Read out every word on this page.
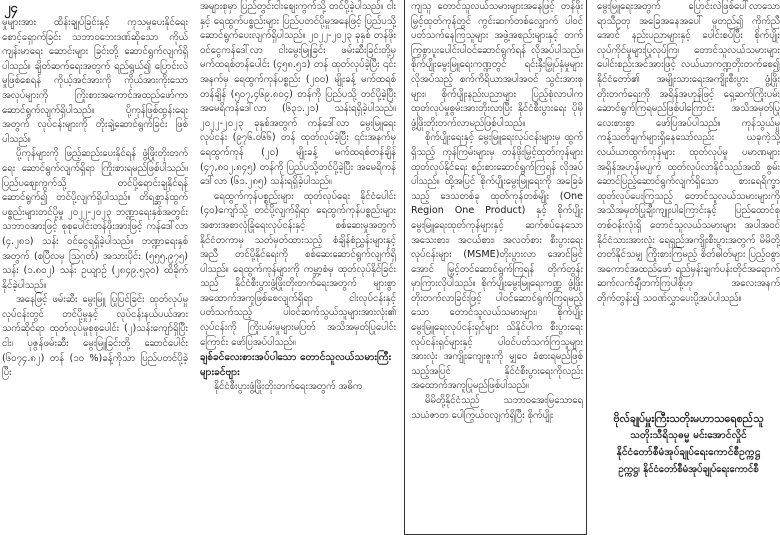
၂၄

မှုများအား ထိန်းချုပ်ခြင်းနှင့် ကုသမှုပေးနိုင်ရေး စောင့်ရှောက်ခြင်း သဘာဝဘေးဒဏ်ဆိုသော ကိုယ်ကျန်းမာရေး ဆောင်းများ ခြင်းတို့ ဆောင်ရွက်လျက်ရှိပါသည်။ ချိတ်ဆက်ရေးအတွက် ရည်ရွယ်၍ ပြောင်းလဲမှုဖြစ်စေရန် ကိုယ့်အင်အားကို ကိုယ်အားကိုးသော အလုပ်များကို ကြိုးစားအကောင်အထည်ဖော်ကာ ဆောင်ရွက်လျက်ရှိပါသည်။ ပို့ကုန်ဖြစ်ထွန်းရေး အတွက် လုပ်ငန်းများကို တိုးချဲ့ဆောင်ရွက်ခြင်း ဖြစ်ပါသည်။

ပို့ကုန်များကို ဖြည့်ဆည်းပေးနိုင်ရန် ဖွံ့ဖြိုးတိုးတက်ရေး ဆောင်ရွက်လျက်ရှိရာ ကြိုးစားရမည်ဖြစ်ပါသည်။ ပြည်ပဈေးကွက်သို့ တင်ပို့ရောင်းချနိုင်ရန် ဆောင်ရွက်၍ တင်ပို့လျက်ရှိပါသည်။ တိရစ္ဆာန်ထွက်ပစ္စည်းများတင်ပို့မှု ၂၀၂၂-၂၀၂၃ ဘဏ္ဍာရေးနှစ်အတွင်း သဘာဝအားဖြင့် စုစုပေါင်းတန်ဖိုးအားဖြင့် ကန်ဒေါ်လာ (၄.၂၈၁) သန်း ဝင်ငွေရရှိခဲ့ပါသည်။ ဘဏ္ဍာရေးနှစ်အတွက် (စပြီလမှ ဩဂုတ်) အသားပိုင်း (၅၅၅.၉၇၅) သန်း (၁.၈၀၂) သန်း ဥယျာဉ် (၂၈၄၉.၅၃၀) ထိခိုက်နိုင်ခဲ့ပါသည်။

အနေဖြင့် ဖမ်းဆီး မွေးမြူ ပြုပြင်ခြင်း ထုတ်လုပ်မှုလုပ်ငန်းတွင် တင်ပို့မှုနှင့် လုပ်ငန်းနယ်ပယ်အား သက်ဆိုင်ရာ ထုတ်လုပ်မှုစုစုပေါင်း (၂)သန်းကျော်ရှိပြီး ငါး၊ ပုဇွန်ဖမ်းဆီး မွေးမြူခြင်းတို့ ဆောင်ပေါင်း (၆၀၇၄.၈၂) တန် (၁၀ %)ခန့်ကိုသာ ပြည်ပတင်ပို့ခဲ့ပြီး

အများစုမှာ ပြည်တွင်းငါးစျေးကွက်သို့ တင်ပို့ခဲ့ပါသည်။ ငါးနှင့် ရေထွက်ပစ္စည်းများ ပြည်ပတင်ပို့မှုအနေဖြင့် ပြည်ပသို့ ဆောင်ရွက်ပေးလျက်ရှိပါသည်။ ၂၀၂၂-၂၀၂၃ ခုနှစ် တန်ဖိုးဝင်ငွေကန်ဒေါ်လာ ငါးမွေးမြူခြင်း ဖမ်းဆီးခြင်းတို့မှ မက်ထရစ်တန်ပေါင်း (၄၅၈.၅၁) တန် ထုတ်လုပ်ခဲ့ပြီး ၎င်းအနက်မှ ရေထွက်ကုန်ပစ္စည်း (၂၀၀) မျိုးခန့် မက်ထရစ်တန်ချိန် (၅၀၇,၄၆၉.၈၀၄) တန်ကို ပြည်ပသို့ တင်ပို့ခဲ့ပြီး အမေရိကန်ဒေါ်လာ (၆၃၁.၂၁) သန်းရရှိခဲ့ပါသည်။ ၂၀၂၂-၂၀၂၃ ခုနှစ်အတွက် ကန်ဒေါ်လာ မွေးမြူရေးလုပ်ငန်း (၉၇၆.၀၆၆) တန် ထုတ်လုပ်ခဲ့ပြီး ၎င်းအနက်မှ ရေထွက်ကုန် (၂၀) မျိုးခန့် မက်ထရစ်တန်ချိန် (၄၇,၈၀၂.၈၄၅) တန်ကို ပြည်ပသို့တင်ပို့ခဲ့ပြီး အမေရိကန်ဒေါ်လာ (၆၁.၂၈၅) သန်းရရှိခဲ့ပါသည်။

ရေထွက်ကုန်ပစ္စည်းများ ထုတ်လုပ်ရေး နိုင်ငံပေါင်း (၄၀)ကျော်သို့ တင်ပို့လျက်ရှိရာ ရေထွက်ကုန်ပစ္စည်းများ အစားအစာလုံခြုံရေးလုပ်ငန်းနှင့် စစ်ဆေးမှုအတွက် နိုင်ငံတကာမှ သတ်မှတ်ထားသည့် စံချိန်စံညွှန်းများနှင့်အညီ တင်ပို့နိုင်ရေးကို စစ်ဆေးဆောင်ရွက်လျက်ရှိပါသည်။ ရေထွက်ကုန်များကို ကမ္ဘာ့စံမှ ထုတ်လုပ်နိုင်ခြင်းသည် နိုင်ငံစီးပွားဖွံ့ဖြိုးတိုးတက်ရေးအတွက် များစွာအထောက်အကူဖြစ်စေလျက်ရှိရာ ငါးလုပ်ငန်းနှင့်ပတ်သက်သည့် ပါဝင်ဆက်သွယ်သူများအားလုံး၏ လုပ်ငန်းကို ကြိုးပမ်းမှုများမပြတ် အသိအမှတ်ပြုပေါင်းကြောင်း ဖော်ပြအပ်ပါသည်။

ချစ်ခင်လေးစားအပ်ပါသော တောင်သူလယ်သမားကြီးများခင်ဗျား

နိုင်ငံစီးပွားဖွံ့ဖြိုးတိုးတက်ရေးအတွက် အဓိက

ကျသူ တောင်သူလယ်သမားများအနေဖြင့် တန်ဖိုးမြှင့်ထုတ်ကုန်တွင် ကွင်းဆက်တစ်လျှောက် ပါဝင်ပတ်သက်နေကြသူများ အဖွဲ့အစည်းများနှင့် တက်ကြွစွာပူးပေါင်းပါဝင်ဆောင်ရွက်ရန် လိုအပ်ပါသည်။ စိုက်ပျိုးမွေးမြူရေးကဏ္ဍတွင် ရင်းနှီးမြှုပ်နှံမှုများ လိုအပ်သည့် စက်ကိရိယာအပါအဝင် သွင်းအားစုများ၊ စိုက်ပျိုးနည်းပညာများ ပြည့်စုံလာပါက ထုတ်လုပ်မှုစွမ်းအားတိုးလာပြီး နိုင်ငံစီးပွားရေး ပိုမိုဖွံ့ဖြိုးတိုးတက်လာမည်ဖြစ်ပါသည်။

စိုက်ပျိုးရေးနှင့် မွေးမြူရေးလုပ်ငန်းများမှ ထွက်ရှိသည့် ကုန်ကြမ်းများမှ တန်ဖိုးမြှင့်ထုတ်ကုန်များ ထုတ်လုပ်နိုင်ရေး စဉ်းစားဆောင်ရွက်ကြရန် လိုအပ်ပါသည်။ ထို့အပြင် စိုက်ပျိုးမွေးမြူရေးကို အခြေခံသည့် ဒေသတစ်ခု ထုတ်ကုန်တစ်မျိုး (One Region One Product) နှင့် စိုက်ပျိုးမွေးမြူရေးထုတ်ကုန်များနှင့် ဆက်စပ်နေသော အသေးစား၊ အငယ်စား၊ အလတ်စား စီးပွားရေးလုပ်ငန်းများ (MSME)တိုးပွားလာ အောင်မြင်အောင် မြှင့်တင်ဆောင်ရွက်ကြရန် တိုက်တွန်းမှာကြားလိုပါသည်။ စိုက်ပျိုးမွေးမြူရေးကဏ္ဍ ဖွံ့ဖြိုးတိုးတက်လာခြင်းဖြင့် ပါဝင်ဆောင်ရွက်ကြရမည့်သော တောင်သူလယ်သမားများ၊ စိုက်ပျိုးမွေးမြူရေးလုပ်ငန်းရှင်များ သိနိုင်ပါက စီးပွားရေးလုပ်ငန်းရှင်များနှင့် ပါဝင်ပတ်သက်ကြသူများအားလုံး အကျိုးကျေးဇူးကို မျှဝေ ခံစားရမည်ဖြစ်သည့်အပြင် နိုင်ငံစီးပွားရေးကိုလည်း အထောက်အကူပြုမည်ဖြစ်ပါသည်။

မိမိတို့နိုင်ငံသည် သဘာဝအေးမြသောရေသယံဇာတ ပေါကြွယ်ဝလျက်ရှိပြီး စိုက်ပျိုး

မွေးမြူရေးအတွက် ပြောင်းလဲဖြစ်ပေါ်လာသော ရာသီဥတု အခြေအနေအပေါ် မူတည်၍ ကိုက်ညီအောင် နည်းပညာများနှင့် ပေါင်းစပ်ပြီး စိုက်ပျိုးလုပ်ကိုင်မှုများပြုလုပ်ကြ၊ တောင်သူလယ်သမားများပေါင်းစည်းအင်အားဖြင့် လယ်ယာကဏ္ဍတိုးတက်စေ၍ နိုင်ငံတော်၏ အမျိုးသားရေးအကျိုးစီးပွား ဖွံ့ဖြိုးတိုးတက်ရေးကို အရိန်အဟုန်ဖြင့် ရှေ့ဆက်ကြိုးပမ်းဆောင်ရွက်ကြရမည်ဖြစ်ပါကြောင်း အသိအမှတ်ပြုလေးစားစွာ ဖော်ပြအပ်ပါသည်။ ကုန်သွယ်မှု ကန့်သတ်ချက်များရှိနေသော်လည်း ယခုကဲ့သို့ လယ်ယာထွက်ကုန်များ ထုတ်လုပ်မှု ပမာဏများ အရှိန်အဟုန်မပျက် ထုတ်လုပ်လာနိုင်သည်အထိ စွမ်းဆောင်ပြည့်ဆောင်ရွက်လျက်ရှိသော စားရေရိက္ခာထုတ်လုပ်ပေးကြသည့် တောင်သူလယ်သမားများကို အသိအမှတ်ပြုချီးကျူးပါကြောင်းနှင့် ပြည်ထောင်စုတစ်ဝန်းလုံးရှိ တောင်သူလယ်သမားများ အပါအဝင် နိုင်ငံသားအားလုံး ရေရှည်အကျိုးစီးပွားအတွက် မိမိတို့တတ်နိုင်သမျှ ကြိုးစားကြမည့် စိတ်ဓါတ်များ ပြည့်ဝစွာ အကောင်အထည်ဖော် ရည်မှန်းချက်ပန်းတိုင်အရောက် ဆက်လက်ချီတက်ကြပါစို့ဟု အလေးအနက် တိုက်တွန်း၍ သဝဏ်လွှာပေးပို့အပ်ပါသည်။

ဗိုလ်ချုပ်မှူးကြီးသတိုးမဟာသရေစည်သူ
သတိုးသီရိသုဓမ္မ မင်းအောင်လှိုင်
နိုင်ငံတော်စီမံအုပ်ချုပ်ရေးကောင်စီဥက္ကဋ္ဌ
ဥက္ကဋ္ဌ၊ နိုင်ငံတော်စီမံအုပ်ချုပ်ရေးကောင်စီ
